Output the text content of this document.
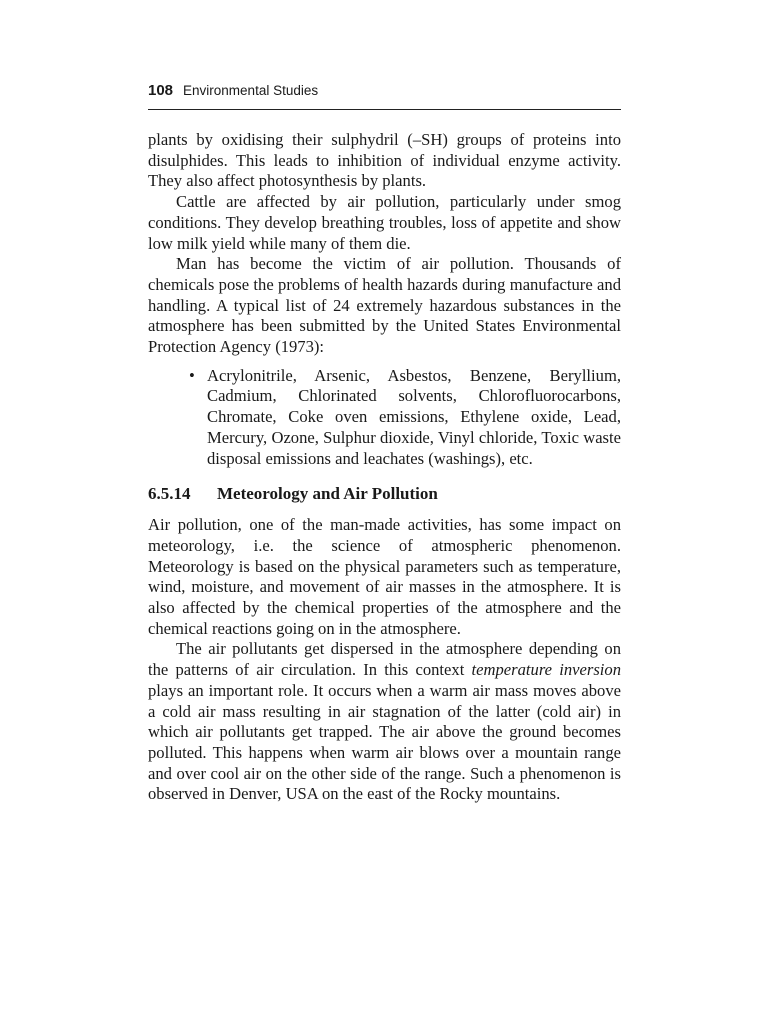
108 Environmental Studies

plants by oxidising their sulphydril (–SH) groups of proteins into disulphides. This leads to inhibition of individual enzyme activity. They also affect photosynthesis by plants.

Cattle are affected by air pollution, particularly under smog conditions. They develop breathing troubles, loss of appetite and show low milk yield while many of them die.

Man has become the victim of air pollution. Thousands of chemicals pose the problems of health hazards during manufacture and handling. A typical list of 24 extremely hazardous substances in the atmosphere has been submitted by the United States Environmental Protection Agency (1973):

• Acrylonitrile, Arsenic, Asbestos, Benzene, Beryllium, Cadmium, Chlorinated solvents, Chlorofluorocarbons, Chromate, Coke oven emissions, Ethylene oxide, Lead, Mercury, Ozone, Sulphur dioxide, Vinyl chloride, Toxic waste disposal emissions and leachates (washings), etc.
6.5.14 Meteorology and Air Pollution

Air pollution, one of the man-made activities, has some impact on meteorology, i.e. the science of atmospheric phenomenon. Meteorology is based on the physical parameters such as temperature, wind, moisture, and movement of air masses in the atmosphere. It is also affected by the chemical properties of the atmosphere and the chemical reactions going on in the atmosphere.

The air pollutants get dispersed in the atmosphere depending on the patterns of air circulation. In this context temperature inversion plays an important role. It occurs when a warm air mass moves above a cold air mass resulting in air stagnation of the latter (cold air) in which air pollutants get trapped. The air above the ground becomes polluted. This happens when warm air blows over a mountain range and over cool air on the other side of the range. Such a phenomenon is observed in Denver, USA on the east of the Rocky mountains.
